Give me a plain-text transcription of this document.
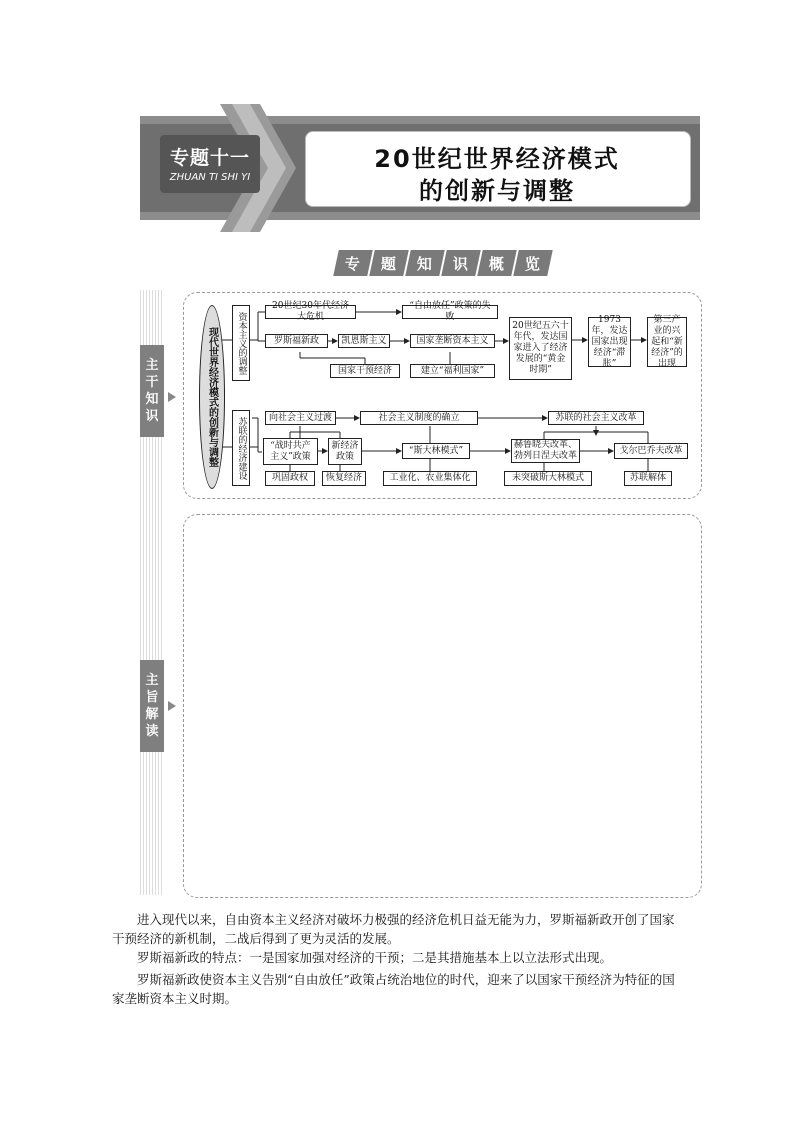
专题十一
ZHUAN TI SHI YI
20世纪世界经济模式
的创新与调整
专 题 知 识 概 览
主
干
知
识
主
旨
解
读
现代世界经济模式的创新与调整	资本主义的调整
苏联的经济建设
20世纪30年代经济大危机
“自由放任”政策的失败
罗斯福新政	凯恩斯主义	国家垄断资本主义
国家干预经济	建立“福利国家”
20世纪五六十年代，发达国家进入了经济发展的“黄金时期”
1973年，发达国家出现经济“滞胀”
第三产业的兴起和“新经济”的出现
向社会主义过渡	社会主义制度的确立	苏联的社会主义改革
“战时共产主义”政策
新经济政策
“斯大林模式”
赫鲁晓夫改革、勃列日涅夫改革
戈尔巴乔夫改革
巩固政权	恢复经济	工业化、农业集体化	未突破斯大林模式	苏联解体
进入现代以来，自由资本主义经济对破坏力极强的经济危机日益无能为力，罗斯福新政开创了国家干预经济的新机制，二战后得到了更为灵活的发展。
罗斯福新政的特点：一是国家加强对经济的干预；二是其措施基本上以立法形式出现。
罗斯福新政使资本主义告别“自由放任”政策占统治地位的时代，迎来了以国家干预经济为特征的国家垄断资本主义时期。
